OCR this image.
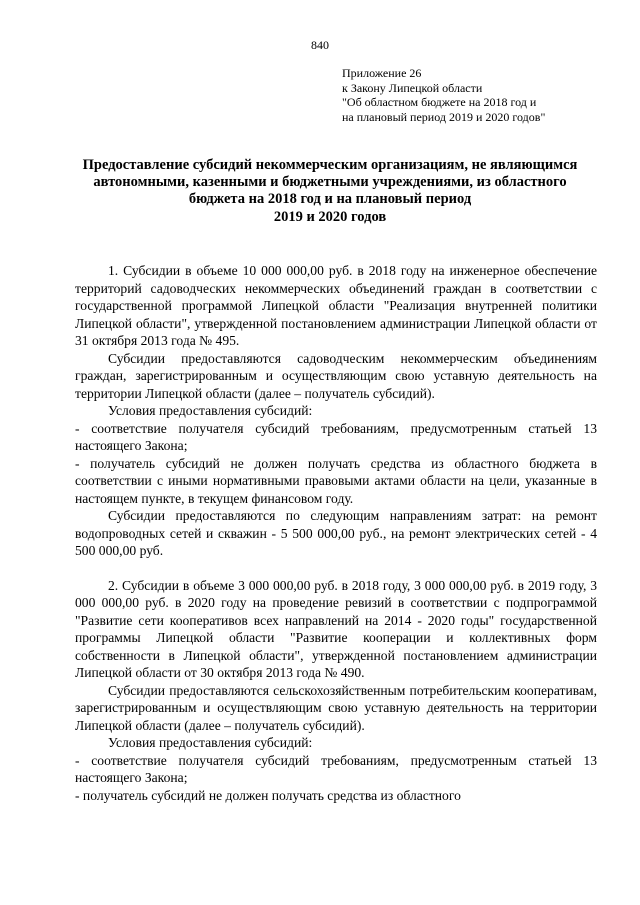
840
Приложение 26
к Закону Липецкой области
"Об областном бюджете на 2018 год и
на плановый период 2019 и 2020 годов"
Предоставление субсидий некоммерческим организациям, не являющимся
автономными, казенными и бюджетными учреждениями, из областного
бюджета на 2018 год и на плановый период
2019 и 2020 годов

1. Субсидии в объеме 10 000 000,00 руб. в 2018 году на инженерное обеспечение территорий садоводческих некоммерческих объединений граждан в соответствии с государственной программой Липецкой области "Реализация внутренней политики Липецкой области", утвержденной постановлением администрации Липецкой области от 31 октября 2013 года № 495.

Субсидии предоставляются садоводческим некоммерческим объединениям граждан, зарегистрированным и осуществляющим свою уставную деятельность на территории Липецкой области (далее – получатель субсидий).

Условия предоставления субсидий:

- соответствие получателя субсидий требованиям, предусмотренным статьей 13 настоящего Закона;

- получатель субсидий не должен получать средства из областного бюджета в соответствии с иными нормативными правовыми актами области на цели, указанные в настоящем пункте, в текущем финансовом году.

Субсидии предоставляются по следующим направлениям затрат: на ремонт водопроводных сетей и скважин - 5 500 000,00 руб., на ремонт электрических сетей - 4 500 000,00 руб.

2. Субсидии в объеме 3 000 000,00 руб. в 2018 году, 3 000 000,00 руб. в 2019 году, 3 000 000,00 руб. в 2020 году на проведение ревизий в соответствии с подпрограммой "Развитие сети кооперативов всех направлений на 2014 - 2020 годы" государственной программы Липецкой области "Развитие кооперации и коллективных форм собственности в Липецкой области", утвержденной постановлением администрации Липецкой области от 30 октября 2013 года № 490.

Субсидии предоставляются сельскохозяйственным потребительским кооперативам, зарегистрированным и осуществляющим свою уставную деятельность на территории Липецкой области (далее – получатель субсидий).

Условия предоставления субсидий:

- соответствие получателя субсидий требованиям, предусмотренным статьей 13 настоящего Закона;

- получатель субсидий не должен получать средства из областного
